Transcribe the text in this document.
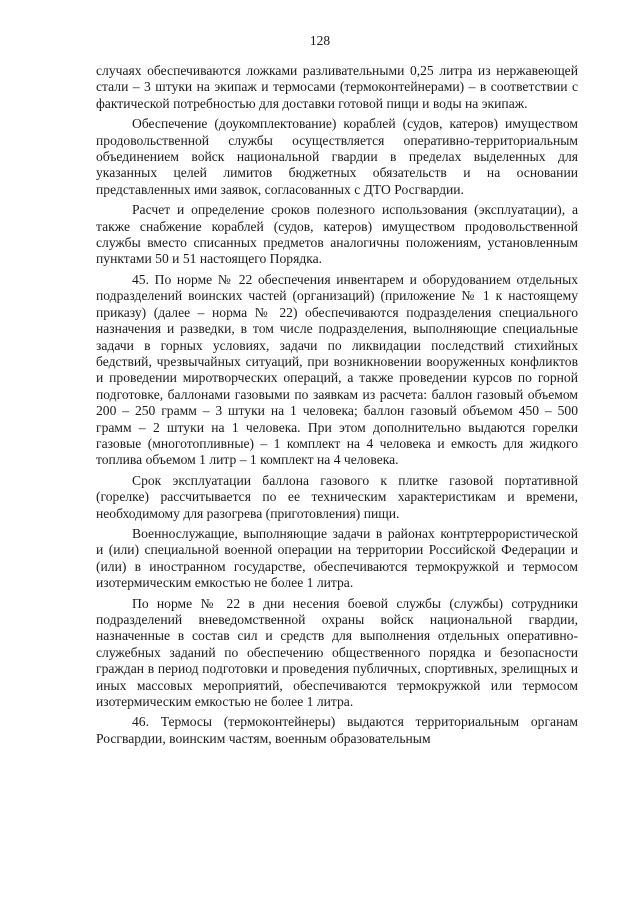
128

случаях обеспечиваются ложками разливательными 0,25 литра из нержавеющей стали – 3 штуки на экипаж и термосами (термоконтейнерами) – в соответствии с фактической потребностью для доставки готовой пищи и воды на экипаж.

Обеспечение (доукомплектование) кораблей (судов, катеров) имуществом продовольственной службы осуществляется оперативно-территориальным объединением войск национальной гвардии в пределах выделенных для указанных целей лимитов бюджетных обязательств и на основании представленных ими заявок, согласованных с ДТО Росгвардии.

Расчет и определение сроков полезного использования (эксплуатации), а также снабжение кораблей (судов, катеров) имуществом продовольственной службы вместо списанных предметов аналогичны положениям, установленным пунктами 50 и 51 настоящего Порядка.

45. По норме № 22 обеспечения инвентарем и оборудованием отдельных подразделений воинских частей (организаций) (приложение № 1 к настоящему приказу) (далее – норма № 22) обеспечиваются подразделения специального назначения и разведки, в том числе подразделения, выполняющие специальные задачи в горных условиях, задачи по ликвидации последствий стихийных бедствий, чрезвычайных ситуаций, при возникновении вооруженных конфликтов и проведении миротворческих операций, а также проведении курсов по горной подготовке, баллонами газовыми по заявкам из расчета: баллон газовый объемом 200 – 250 грамм – 3 штуки на 1 человека; баллон газовый объемом 450 – 500 грамм – 2 штуки на 1 человека. При этом дополнительно выдаются горелки газовые (многотопливные) – 1 комплект на 4 человека и емкость для жидкого топлива объемом 1 литр – 1 комплект на 4 человека.

Срок эксплуатации баллона газового к плитке газовой портативной (горелке) рассчитывается по ее техническим характеристикам и времени, необходимому для разогрева (приготовления) пищи.

Военнослужащие, выполняющие задачи в районах контртеррористической и (или) специальной военной операции на территории Российской Федерации и (или) в иностранном государстве, обеспечиваются термокружкой и термосом изотермическим емкостью не более 1 литра.

По норме № 22 в дни несения боевой службы (службы) сотрудники подразделений вневедомственной охраны войск национальной гвардии, назначенные в состав сил и средств для выполнения отдельных оперативно-служебных заданий по обеспечению общественного порядка и безопасности граждан в период подготовки и проведения публичных, спортивных, зрелищных и иных массовых мероприятий, обеспечиваются термокружкой или термосом изотермическим емкостью не более 1 литра.

46. Термосы (термоконтейнеры) выдаются территориальным органам Росгвардии, воинским частям, военным образовательным
